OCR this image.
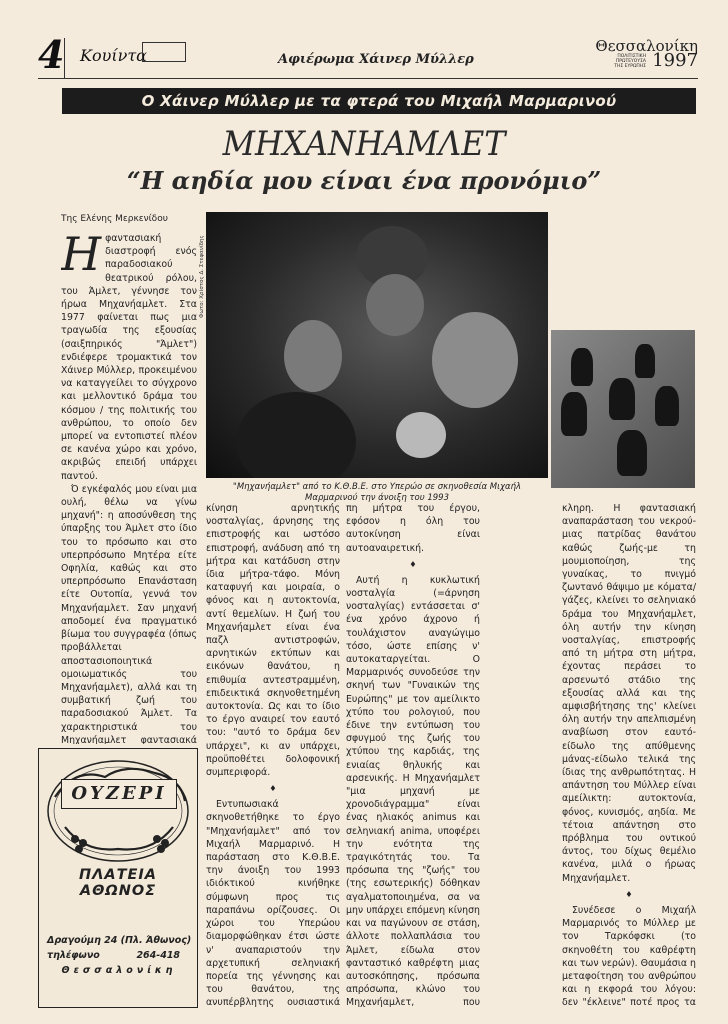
4 Κουίντα	Αφιέρωμα Χάινερ Μύλλερ
Θεσσαλονίκη
ΠΟΛΙΤΙΣΤΙΚΗ
ΠΡΩΤΕΥΟΥΣΑ
ΤΗΣ ΕΥΡΩΠΗΣ 1997
Ο Χάινερ Μύλλερ με τα φτερά του Μιχαήλ Μαρμαρινού
ΜΗΧΑΝΗΑΜΛΕΤ
“Η αηδία μου είναι ένα προνόμιο”
Της Ελένης Μερκενίδου
Η φαντασιακή διαστροφή ενός παραδοσιακού θεατρικού ρόλου, του Άμλετ, γέννησε τον ήρωα Μηχανήαμλετ. Στα 1977 φαίνεται πως μια τραγωδία της εξουσίας (σαιξπηρικός "Άμλετ") ενδιέφερε τρομακτικά τον Χάινερ Μύλλερ, προκειμένου να καταγγείλει το σύγχρονο και μελλοντικό δράμα του κόσμου / της πολιτικής του ανθρώπου, το οποίο δεν μπορεί να εντοπιστεί πλέον σε κανένα χώρο και χρόνο, ακριβώς επειδή υπάρχει παντού.

Ό εγκέφαλός μου είναι μια ουλή, θέλω να γίνω μηχανή": η αποσύνθεση της ύπαρξης του Άμλετ στο ίδιο του το πρόσωπο και στο υπερπρόσωπο Μητέρα είτε Οφηλία, καθώς και στο υπερπρόσωπο Επανάσταση είτε Ουτοπία, γεννά τον Μηχανήαμλετ. Σαν μηχανή αποδομεί ένα πραγματικό βίωμα του συγγραφέα (όπως προβάλλεται αποστασιοποιητικά ομοιωματικός του Μηχανήαμλετ), αλλά και τη συμβατική ζωή του παραδοσιακού Άμλετ. Τα χαρακτηριστικά του Μηχανήαμλετ φαντασιακά

Φωτο: Χρίστος Δ. Στεφανίδης
"Μηχανήαμλετ" από το Κ.Θ.Β.Ε. στο Υπερώο σε σκηνοθεσία Μιχαήλ Μαρμαρινού την άνοιξη του 1993

κίνηση αρνητικής νοσταλγίας, άρνησης της επιστροφής και ωστόσο επιστροφή, ανάδυση από τη μήτρα και κατάδυση στην ίδια μήτρα-τάφο. Μόνη καταφυγή και μοιραία, ο φόνος και η αυτοκτονία, αντί θεμελίων. Η ζωή του Μηχανήαμλετ είναι ένα παζλ αντιστροφών, αρνητικών εκτύπων και εικόνων θανάτου, η επιθυμία αντεστραμμένη, επιδεικτικά σκηνοθετημένη αυτοκτονία. Ως και το ίδιο το έργο αναιρεί τον εαυτό του: "αυτό το δράμα δεν υπάρχει", κι αν υπάρχει, προϋποθέτει δολοφονική συμπεριφορά.

♦

Εντυπωσιακά σκηνοθετήθηκε το έργο "Μηχανήαμλετ" από τον Μιχαήλ Μαρμαρινό. Η παράσταση στο Κ.Θ.Β.Ε. την άνοιξη του 1993 ιδιόκτικού κινήθηκε σύμφωνη προς τις παραπάνω ορίζουσες. Οι χώροι του Υπερώου διαμορφώθηκαν έτσι ώστε ν' αναπαριστούν την αρχετυπική σεληνιακή πορεία της γέννησης και του θανάτου, της ανυπέρβλητης ουσιαστικά

πη μήτρα του έργου, εφόσον η όλη του αυτοκίνηση είναι αυτοαναιρετική.

♦

Αυτή η κυκλωτική νοσταλγία (=άρνηση νοσταλγίας) εντάσσεται σ' ένα χρόνο άχρονο ή τουλάχιστον αναγώγιμο τόσο, ώστε επίσης ν' αυτοκαταργείται. Ο Μαρμαρινός συνοδεύσε την σκηνή των "Γυναικών της Ευρώπης" με τον αμείλικτο χτύπο του ρολογιού, που έδινε την εντύπωση του σφυγμού της ζωής του χτύπου της καρδιάς, της ενιαίας θηλυκής και αρσενικής. Η Μηχανήαμλετ "μια μηχανή με χρονοδιάγραμμα" είναι ένας ηλιακός animus και σεληνιακή anima, υποφέρει την ενότητα της τραγικότητάς του. Τα πρόσωπα της "ζωής" του (της εσωτερικής) δόθηκαν αγαλματοποιημένα, σα να μην υπάρχει επόμενη κίνηση και να παγώνουν σε στάση, άλλοτε πολλαπλάσια του Άμλετ, είδωλα στον φανταστικό καθρέφτη μιας αυτοσκόπησης, πρόσωπα απρόσωπα, κλώνο του Μηχανήαμλετ, που

κληρη. Η φαντασιακή αναπαράσταση του νεκρού-μιας πατρίδας θανάτου καθώς ζωής-με τη μουμιοποίηση, της γυναίκας, το πνιγμό ζωντανό θάψιμο με κόματα/γάζες, κλείνει το σεληνιακό δράμα του Μηχανήαμλετ, όλη αυτήν την κίνηση νοσταλγίας, επιστροφής από τη μήτρα στη μήτρα, έχοντας περάσει το αρσενωτό στάδιο της εξουσίας αλλά και της αμφισβήτησης της' κλείνει όλη αυτήν την απελπισμένη αναβίωση στον εαυτό-είδωλο της απύθμενης μάνας-είδωλο τελικά της ίδιας της ανθρωπότητας. Η απάντηση του Μύλλερ είναι αμείλικτη: αυτοκτονία, φόνος, κυνισμός, αηδία. Με τέτοια απάντηση στο πρόβλημα του οντικού άντος, του δίχως θεμέλιο κανένα, μιλά ο ήρωας Μηχανήαμλετ.

♦

Συνέδεσε ο Μιχαήλ Μαρμαρινός το Μύλλερ με τον Ταρκόφσκι (το σκηνοθέτη του καθρέφτη και των νερών). Θαυμάσια η μεταφοίτηση του ανθρώπου και η εκφορά του λόγου: δεν "έκλεινε" ποτέ προς τα

ΟΥΖΕΡΙ
ΠΛΑΤΕΙΑ ΑΘΩΝΟΣ
Δραγούμη 24 (Πλ. Άθωνος)
τηλέφωνο	264-418
Θεσσαλονίκη
